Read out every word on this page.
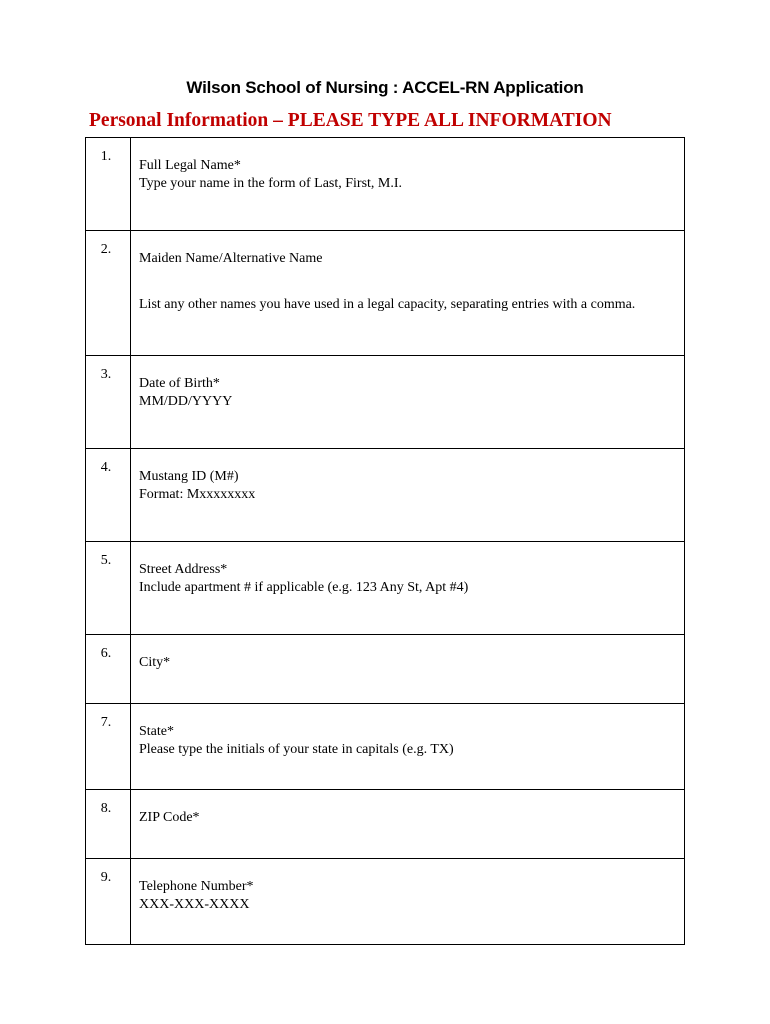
Wilson School of Nursing : ACCEL-RN Application
Personal Information – PLEASE TYPE ALL INFORMATION
1.	Full Legal Name*
Type your name in the form of Last, First, M.I.

2.	Maiden Name/Alternative Name
List any other names you have used in a legal capacity, separating entries with a comma.

3.	Date of Birth*
MM/DD/YYYY

4.	Mustang ID (M#)
Format: Mxxxxxxxx

5.	Street Address*
Include apartment # if applicable (e.g. 123 Any St, Apt #4)

6.	City*

7.	State*
Please type the initials of your state in capitals (e.g. TX)

8.	ZIP Code*

9.	Telephone Number*
XXX-XXX-XXXX
